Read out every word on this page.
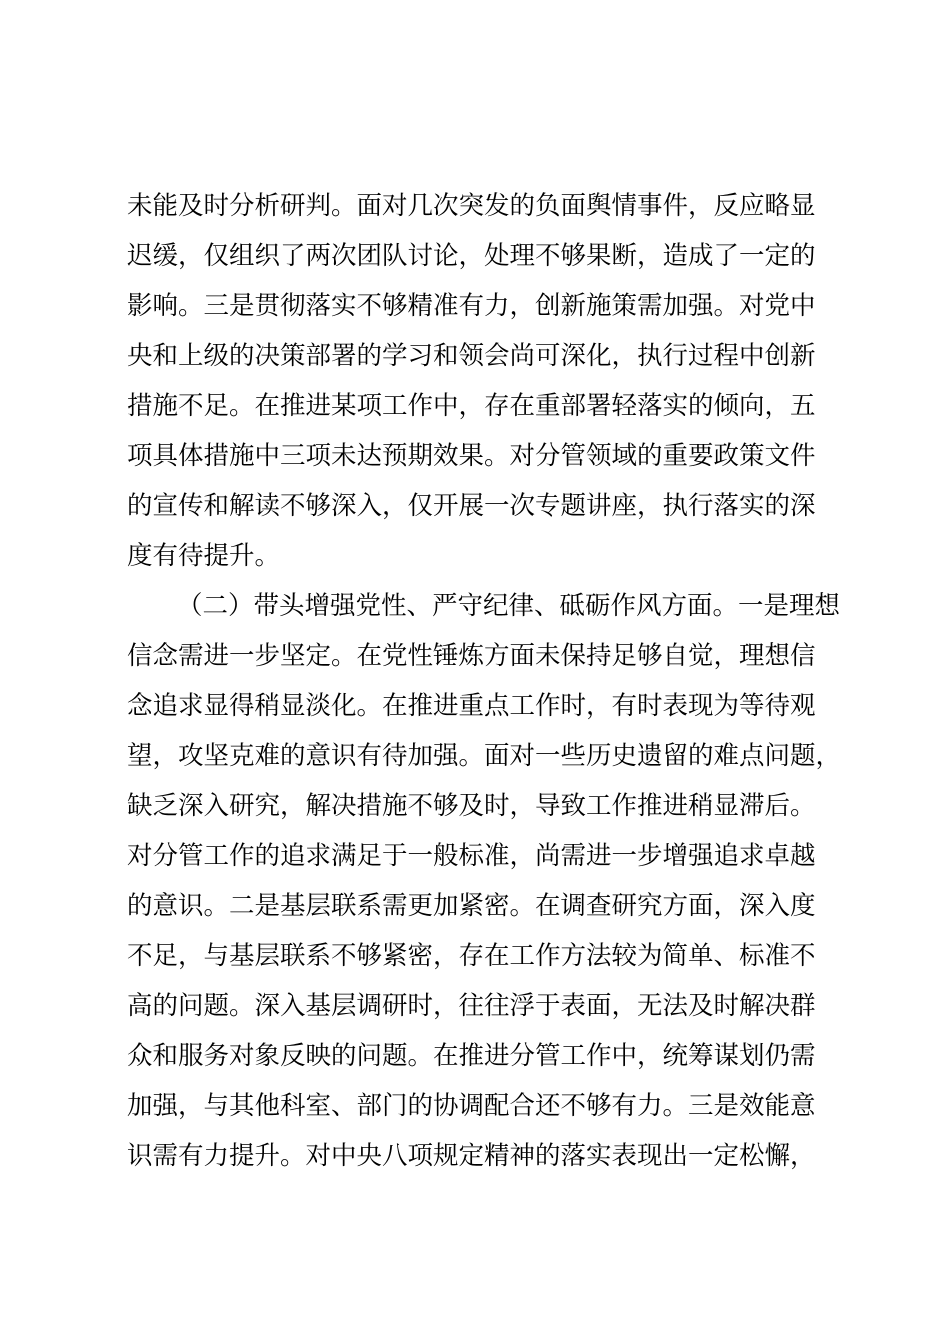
未能及时分析研判。面对几次突发的负面舆情事件，反应略显
迟缓，仅组织了两次团队讨论，处理不够果断，造成了一定的
影响。三是贯彻落实不够精准有力，创新施策需加强。对党中
央和上级的决策部署的学习和领会尚可深化，执行过程中创新
措施不足。在推进某项工作中，存在重部署轻落实的倾向，五
项具体措施中三项未达预期效果。对分管领域的重要政策文件
的宣传和解读不够深入，仅开展一次专题讲座，执行落实的深
度有待提升。
（二）带头增强党性、严守纪律、砥砺作风方面。一是理想
信念需进一步坚定。在党性锤炼方面未保持足够自觉，理想信
念追求显得稍显淡化。在推进重点工作时，有时表现为等待观
望，攻坚克难的意识有待加强。面对一些历史遗留的难点问题，
缺乏深入研究，解决措施不够及时，导致工作推进稍显滞后。
对分管工作的追求满足于一般标准，尚需进一步增强追求卓越
的意识。二是基层联系需更加紧密。在调查研究方面，深入度
不足，与基层联系不够紧密，存在工作方法较为简单、标准不
高的问题。深入基层调研时，往往浮于表面，无法及时解决群
众和服务对象反映的问题。在推进分管工作中，统筹谋划仍需
加强，与其他科室、部门的协调配合还不够有力。三是效能意
识需有力提升。对中央八项规定精神的落实表现出一定松懈，
